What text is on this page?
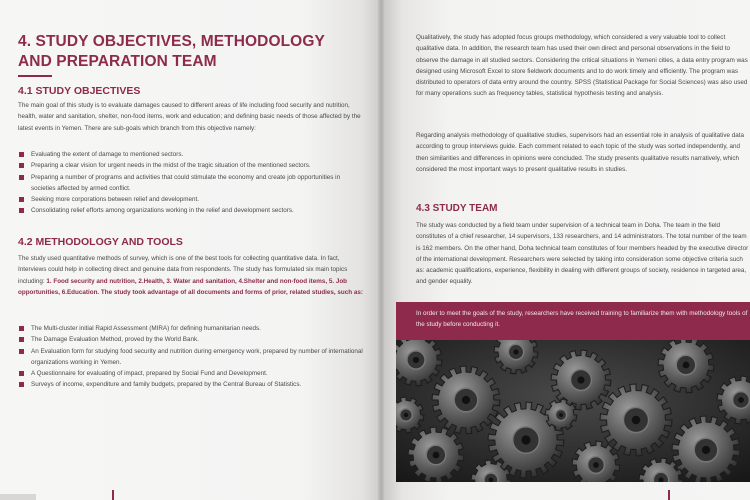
4. STUDY OBJECTIVES, METHODOLOGY
AND PREPARATION TEAM
4.1 STUDY OBJECTIVES

The main goal of this study is to evaluate damages caused to different areas of life including food security and nutrition, health, water and sanitation, shelter, non-food items, work and education; and defining basic needs of those affected by the latest events in Yemen. There are sub-goals which branch from this objective namely:

Evaluating the extent of damage to mentioned sectors.
Preparing a clear vision for urgent needs in the midst of the tragic situation of the mentioned sectors.
Preparing a number of programs and activities that could stimulate the economy and create job opportunities in societies affected by armed conflict.
Seeking more corporations between relief and development.
Consolidating relief efforts among organizations working in the relief and development sectors.
4.2 METHODOLOGY AND TOOLS

The study used quantitative methods of survey, which is one of the best tools for collecting quantitative data. In fact, Interviews could help in collecting direct and genuine data from respondents. The study has formulated six main topics including: 1. Food security and nutrition, 2.Health, 3. Water and sanitation, 4.Shelter and non-food items, 5. Job opportunities, 6.Education. The study took advantage of all documents and forms of prior, related studies, such as:

The Multi-cluster initial Rapid Assessment (MIRA) for defining humanitarian needs.
The Damage Evaluation Method, proved by the World Bank.
An Evaluation form for studying food security and nutrition during emergency work, prepared by number of international organizations working in Yemen.
A Questionnaire for evaluating of impact, prepared by Social Fund and Development.
Surveys of income, expenditure and family budgets, prepared by the Central Bureau of Statistics.

Qualitatively, the study has adopted focus groups methodology, which considered a very valuable tool to collect qualitative data. In addition, the research team has used their own direct and personal observations in the field to observe the damage in all studied sectors. Considering the critical situations in Yemeni cities, a data entry program was designed using Microsoft Excel to store fieldwork documents and to do work timely and efficiently. The program was distributed to operators of data entry around the country. SPSS (Statistical Package for Social Sciences) was also used for many operations such as frequency tables, statistical hypothesis testing and analysis.

Regarding analysis methodology of qualitative studies, supervisors had an essential role in analysis of qualitative data according to group interviews guide. Each comment related to each topic of the study was sorted independently, and then similarities and differences in opinions were concluded. The study presents qualitative results narratively, which considered the most important ways to present qualitative results in studies.

4.3 STUDY TEAM

The study was conducted by a field team under supervision of a technical team in Doha. The team in the field constitutes of a chief researcher, 14 supervisors, 133 researchers, and 14 administrators. The total number of the team is 162 members. On the other hand, Doha technical team constitutes of four members headed by the executive director of the international development. Researchers were selected by taking into consideration some objective criteria such as: academic qualifications, experience, flexibility in dealing with different groups of society, residence in targeted area, and gender equality.

In order to meet the goals of the study, researchers have received training to familiarize them with methodology tools of the study before conducting it.
